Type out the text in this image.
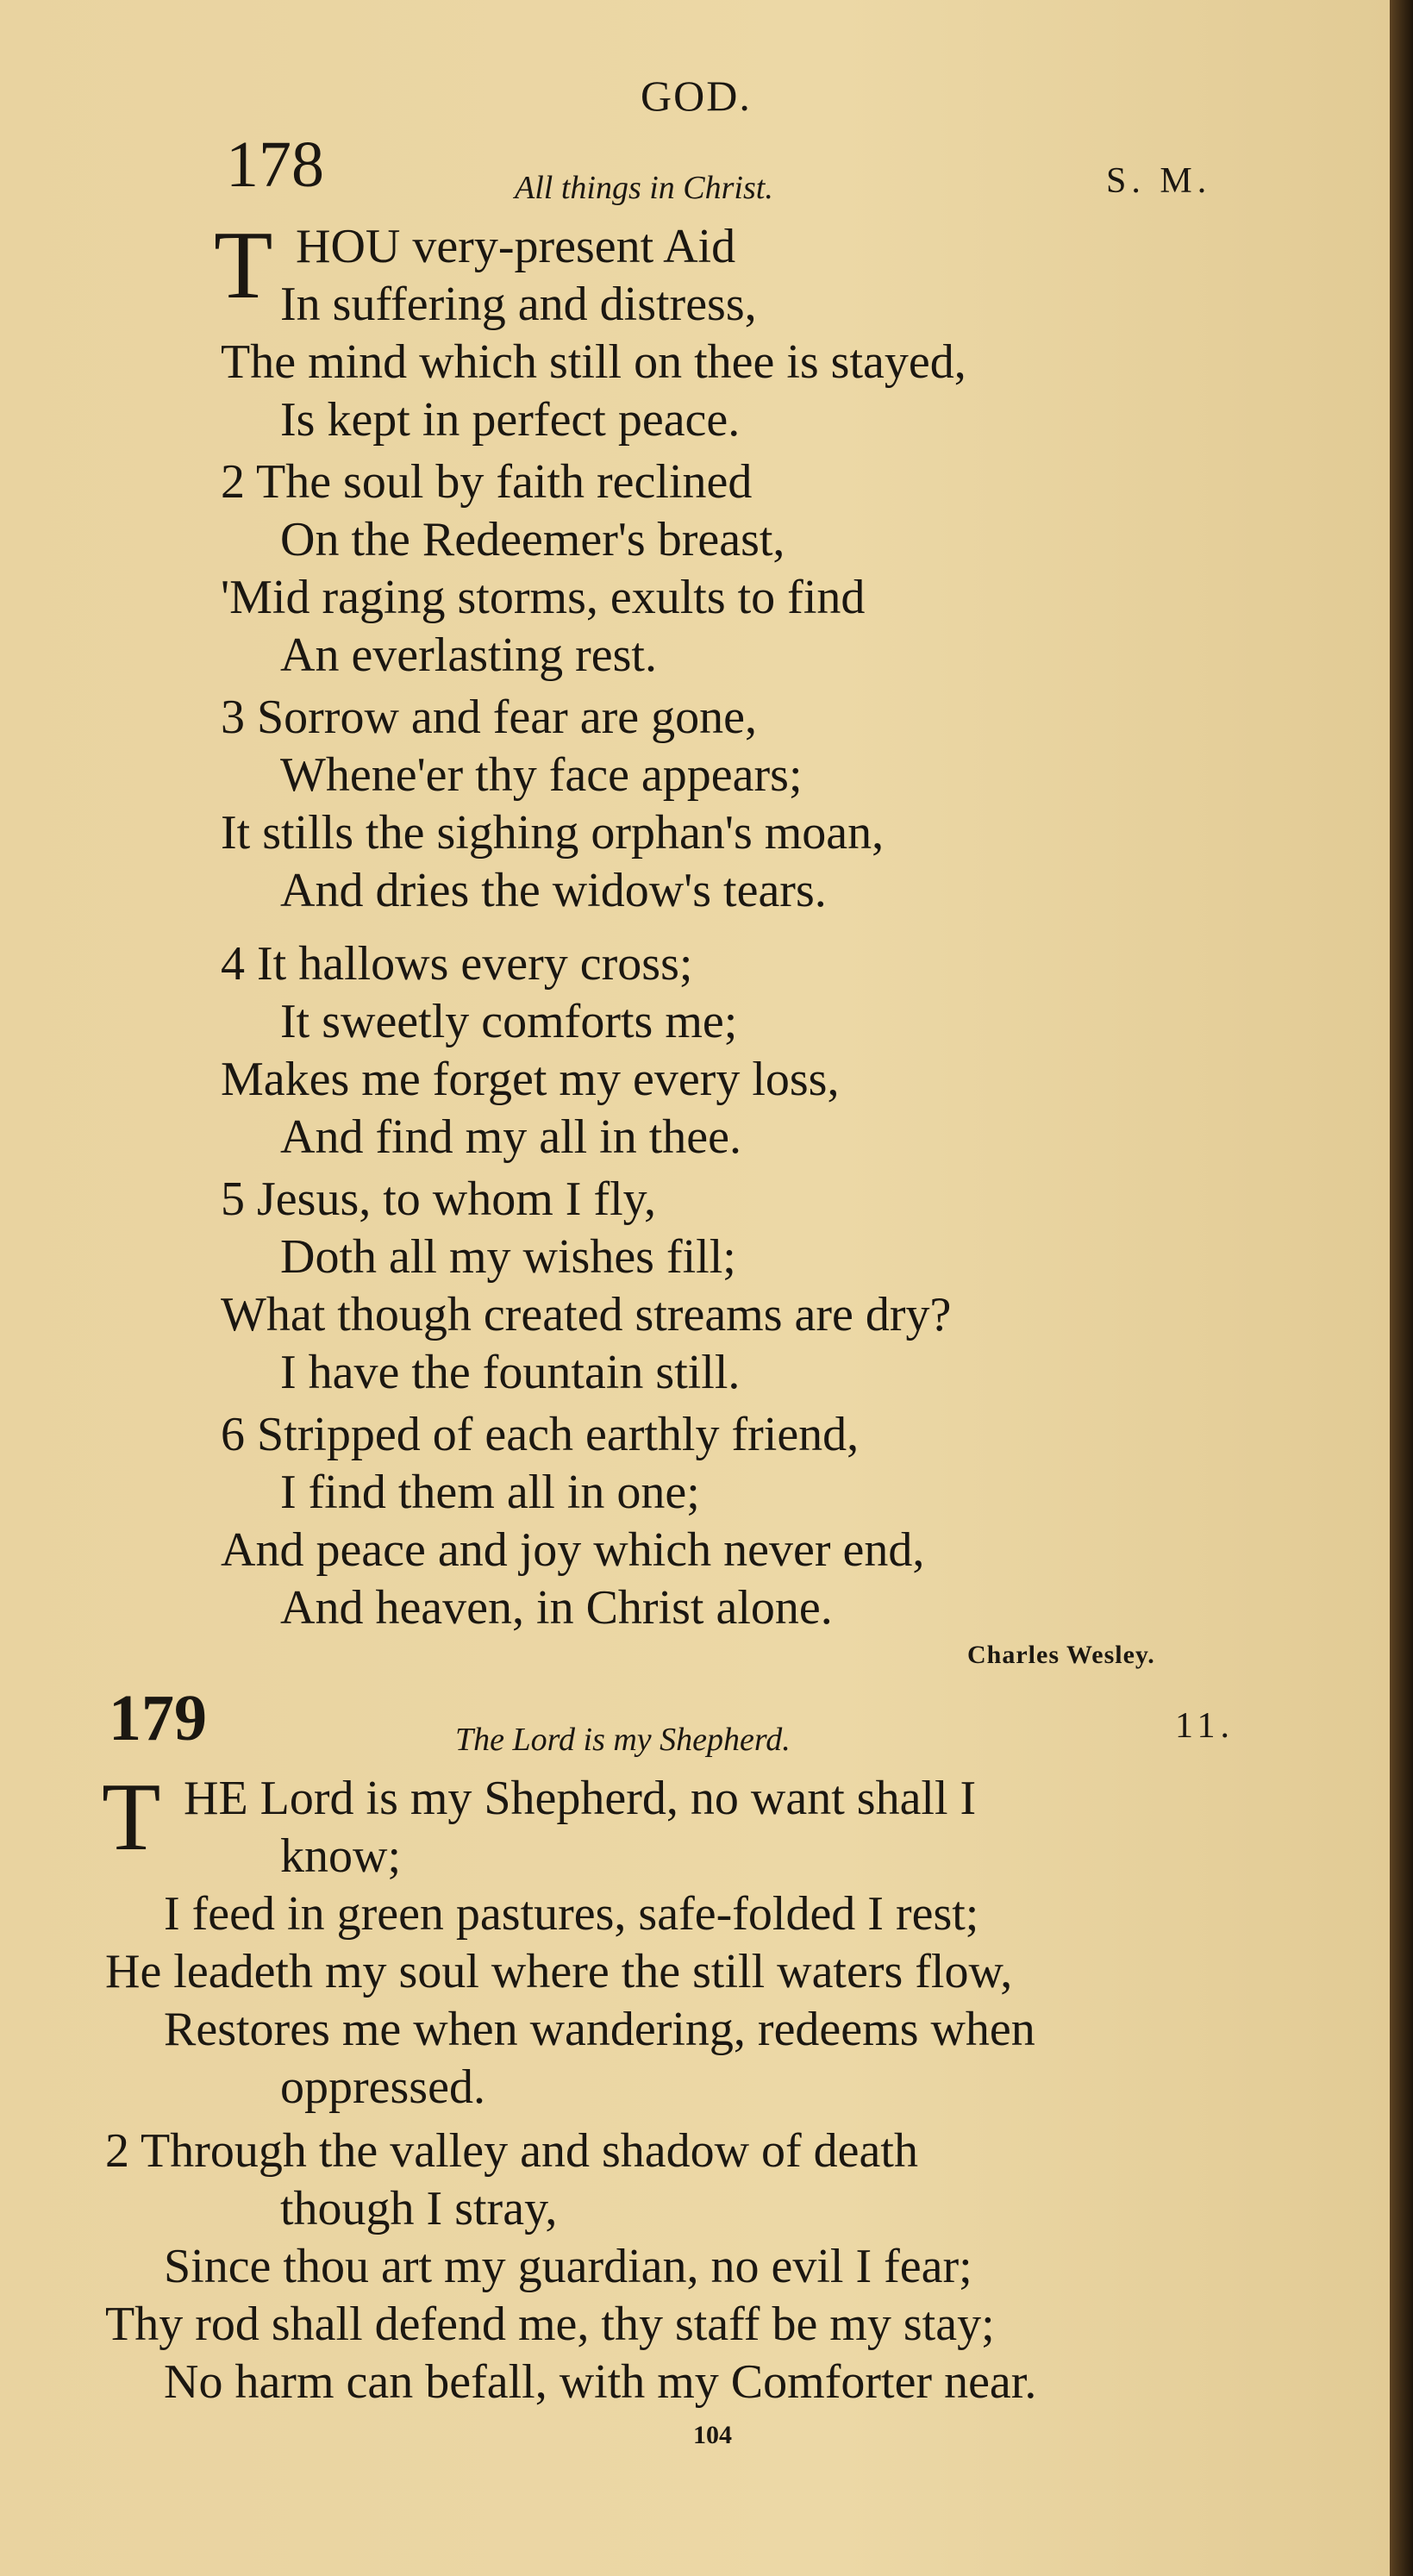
GOD.
178	All things in Christ.	S. M.
T HOU very-present Aid
In suffering and distress,
The mind which still on thee is stayed,
Is kept in perfect peace.
2 The soul by faith reclined
On the Redeemer's breast,
'Mid raging storms, exults to find
An everlasting rest.
3 Sorrow and fear are gone,
Whene'er thy face appears;
It stills the sighing orphan's moan,
And dries the widow's tears.
4 It hallows every cross;
It sweetly comforts me;
Makes me forget my every loss,
And find my all in thee.
5 Jesus, to whom I fly,
Doth all my wishes fill;
What though created streams are dry?
I have the fountain still.
6 Stripped of each earthly friend,
I find them all in one;
And peace and joy which never end,
And heaven, in Christ alone.
Charles Wesley.
179	The Lord is my Shepherd.	11.
T HE Lord is my Shepherd, no want shall I
know;
I feed in green pastures, safe-folded I rest;
He leadeth my soul where the still waters flow,
Restores me when wandering, redeems when
oppressed.
2 Through the valley and shadow of death
though I stray,
Since thou art my guardian, no evil I fear;
Thy rod shall defend me, thy staff be my stay;
No harm can befall, with my Comforter near.
104
